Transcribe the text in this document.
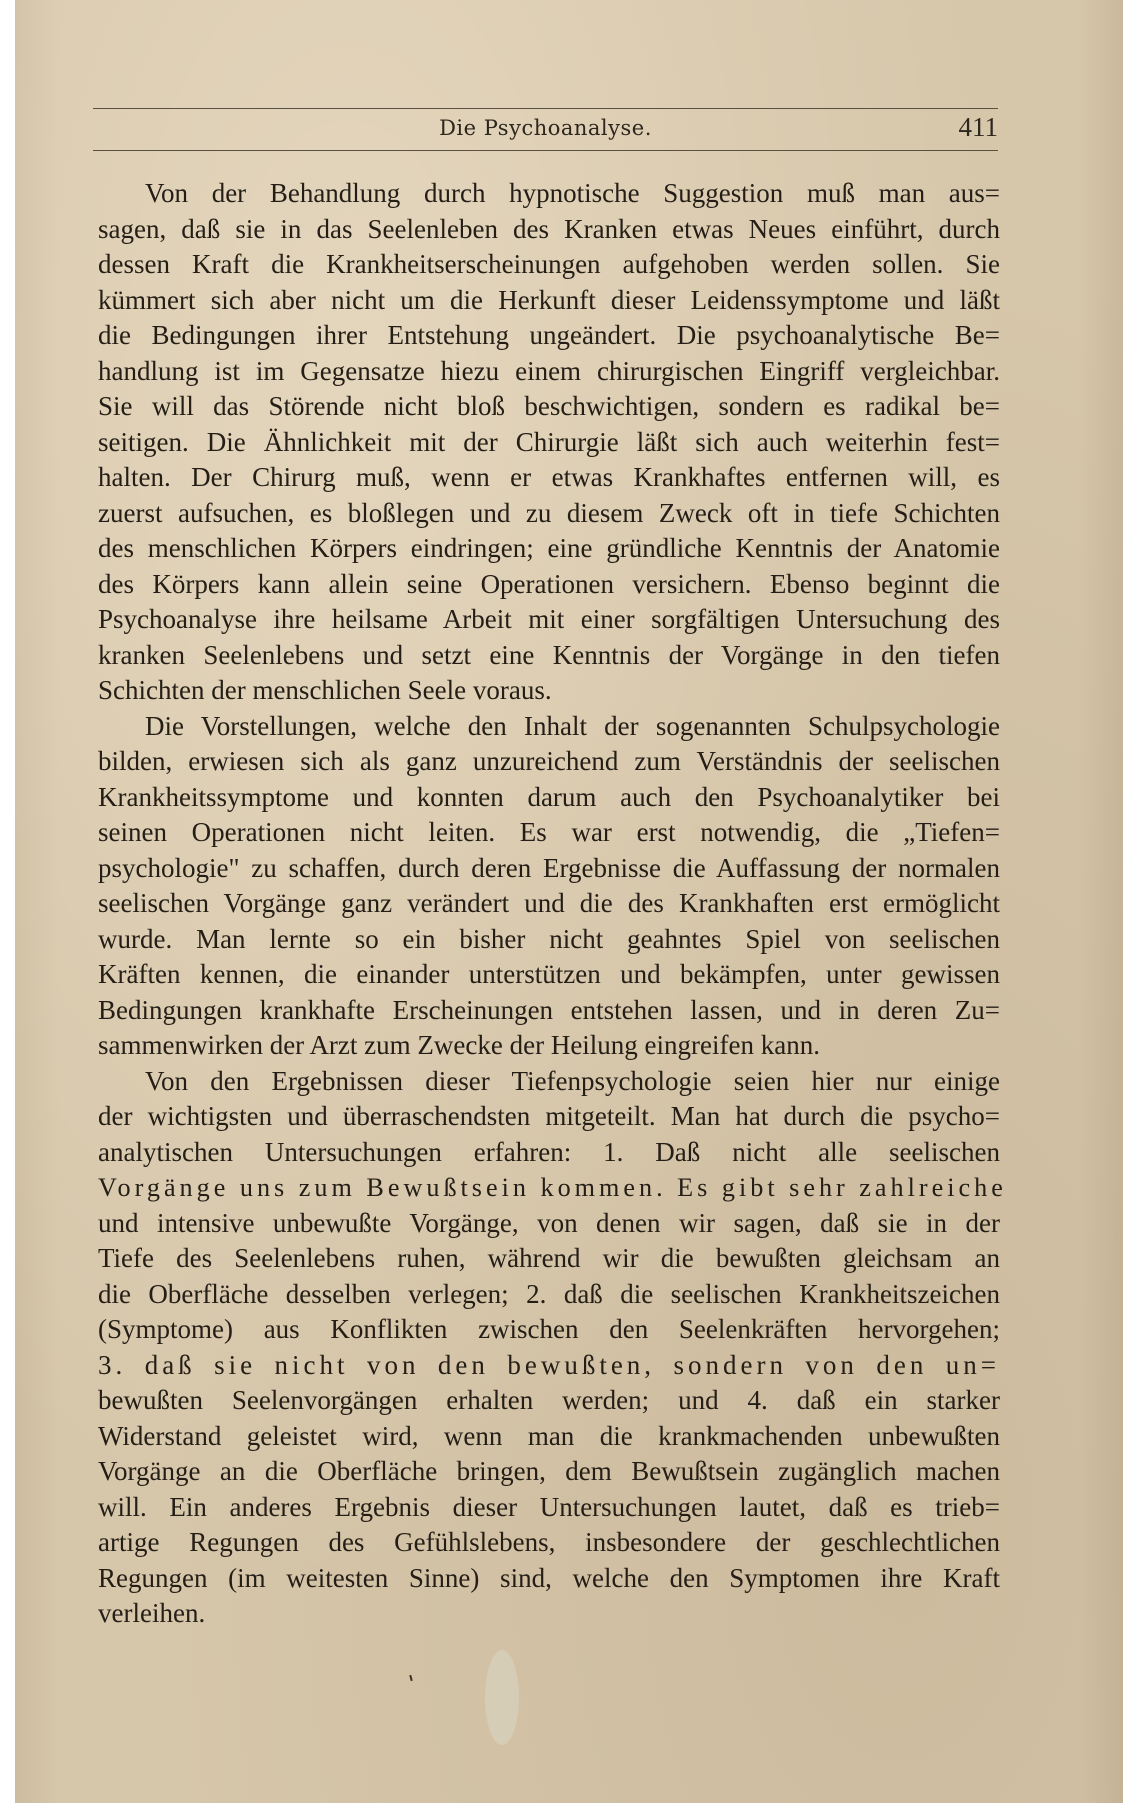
Die Psychoanalyse.	411
Von der Behandlung durch hypnotische Suggestion muß man aus=
sagen, daß sie in das Seelenleben des Kranken etwas Neues einführt, durch
dessen Kraft die Krankheitserscheinungen aufgehoben werden sollen. Sie
kümmert sich aber nicht um die Herkunft dieser Leidenssymptome und läßt
die Bedingungen ihrer Entstehung ungeändert. Die psychoanalytische Be=
handlung ist im Gegensatze hiezu einem chirurgischen Eingriff vergleichbar.
Sie will das Störende nicht bloß beschwichtigen, sondern es radikal be=
seitigen. Die Ähnlichkeit mit der Chirurgie läßt sich auch weiterhin fest=
halten. Der Chirurg muß, wenn er etwas Krankhaftes entfernen will, es
zuerst aufsuchen, es bloßlegen und zu diesem Zweck oft in tiefe Schichten
des menschlichen Körpers eindringen; eine gründliche Kenntnis der Anatomie
des Körpers kann allein seine Operationen versichern. Ebenso beginnt die
Psychoanalyse ihre heilsame Arbeit mit einer sorgfältigen Untersuchung des
kranken Seelenlebens und setzt eine Kenntnis der Vorgänge in den tiefen
Schichten der menschlichen Seele voraus.
Die Vorstellungen, welche den Inhalt der sogenannten Schulpsychologie
bilden, erwiesen sich als ganz unzureichend zum Verständnis der seelischen
Krankheitssymptome und konnten darum auch den Psychoanalytiker bei
seinen Operationen nicht leiten. Es war erst notwendig, die „Tiefen=
psychologie" zu schaffen, durch deren Ergebnisse die Auffassung der normalen
seelischen Vorgänge ganz verändert und die des Krankhaften erst ermöglicht
wurde. Man lernte so ein bisher nicht geahntes Spiel von seelischen
Kräften kennen, die einander unterstützen und bekämpfen, unter gewissen
Bedingungen krankhafte Erscheinungen entstehen lassen, und in deren Zu=
sammenwirken der Arzt zum Zwecke der Heilung eingreifen kann.
Von den Ergebnissen dieser Tiefenpsychologie seien hier nur einige
der wichtigsten und überraschendsten mitgeteilt. Man hat durch die psycho=
analytischen Untersuchungen erfahren: 1. Daß nicht alle seelischen
Vorgänge uns zum Bewußtsein kommen. Es gibt sehr zahlreiche
und intensive unbewußte Vorgänge, von denen wir sagen, daß sie in der
Tiefe des Seelenlebens ruhen, während wir die bewußten gleichsam an
die Oberfläche desselben verlegen; 2. daß die seelischen Krankheitszeichen
(Symptome) aus Konflikten zwischen den Seelenkräften hervorgehen;
3. daß sie nicht von den bewußten, sondern von den un=
bewußten Seelenvorgängen erhalten werden; und 4. daß ein starker
Widerstand geleistet wird, wenn man die krankmachenden unbewußten
Vorgänge an die Oberfläche bringen, dem Bewußtsein zugänglich machen
will. Ein anderes Ergebnis dieser Untersuchungen lautet, daß es trieb=
artige Regungen des Gefühlslebens, insbesondere der geschlechtlichen
Regungen (im weitesten Sinne) sind, welche den Symptomen ihre Kraft
verleihen.
